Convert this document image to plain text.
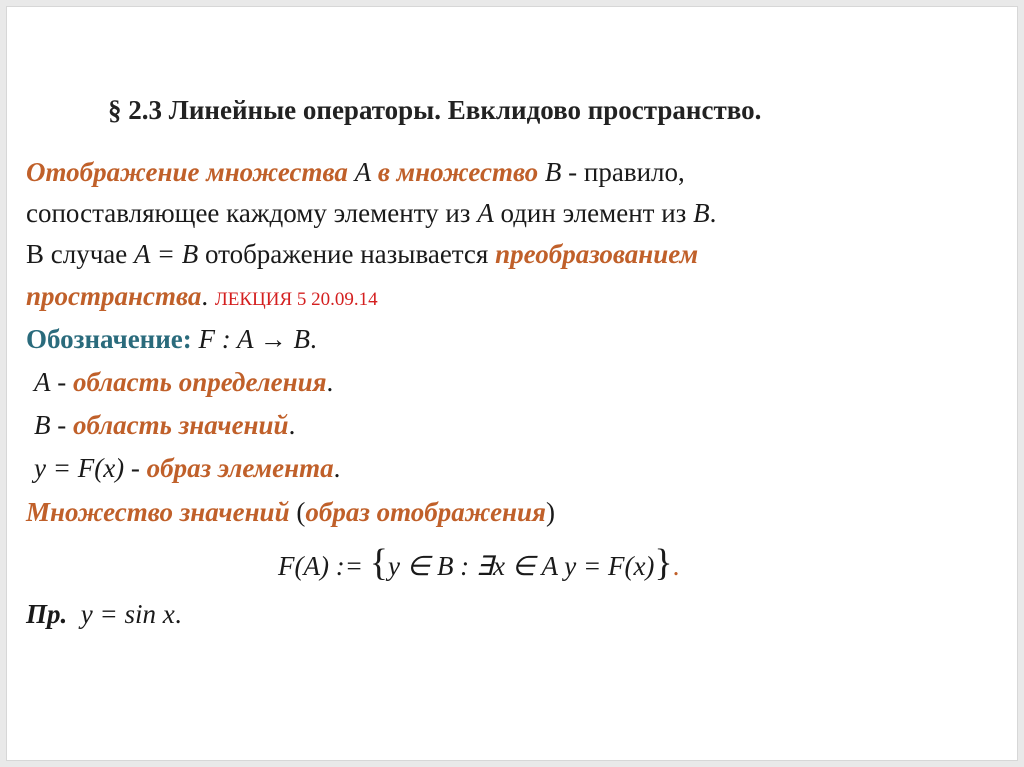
§ 2.3 Линейные операторы. Евклидово пространство.
Отображение множества A в множество B - правило,
сопоставляющее каждому элементу из A один элемент из B.
В случае A = B отображение называется преобразованием
пространства. ЛЕКЦИЯ 5 20.09.14
Обозначение: F : A → B.
A - область определения.
B - область значений.
y = F(x) - образ элемента.
Множество значений (образ отображения)
F(A) := {y ∈ B : ∃x ∈ A y = F(x)}.
Пр. y = sin x.
